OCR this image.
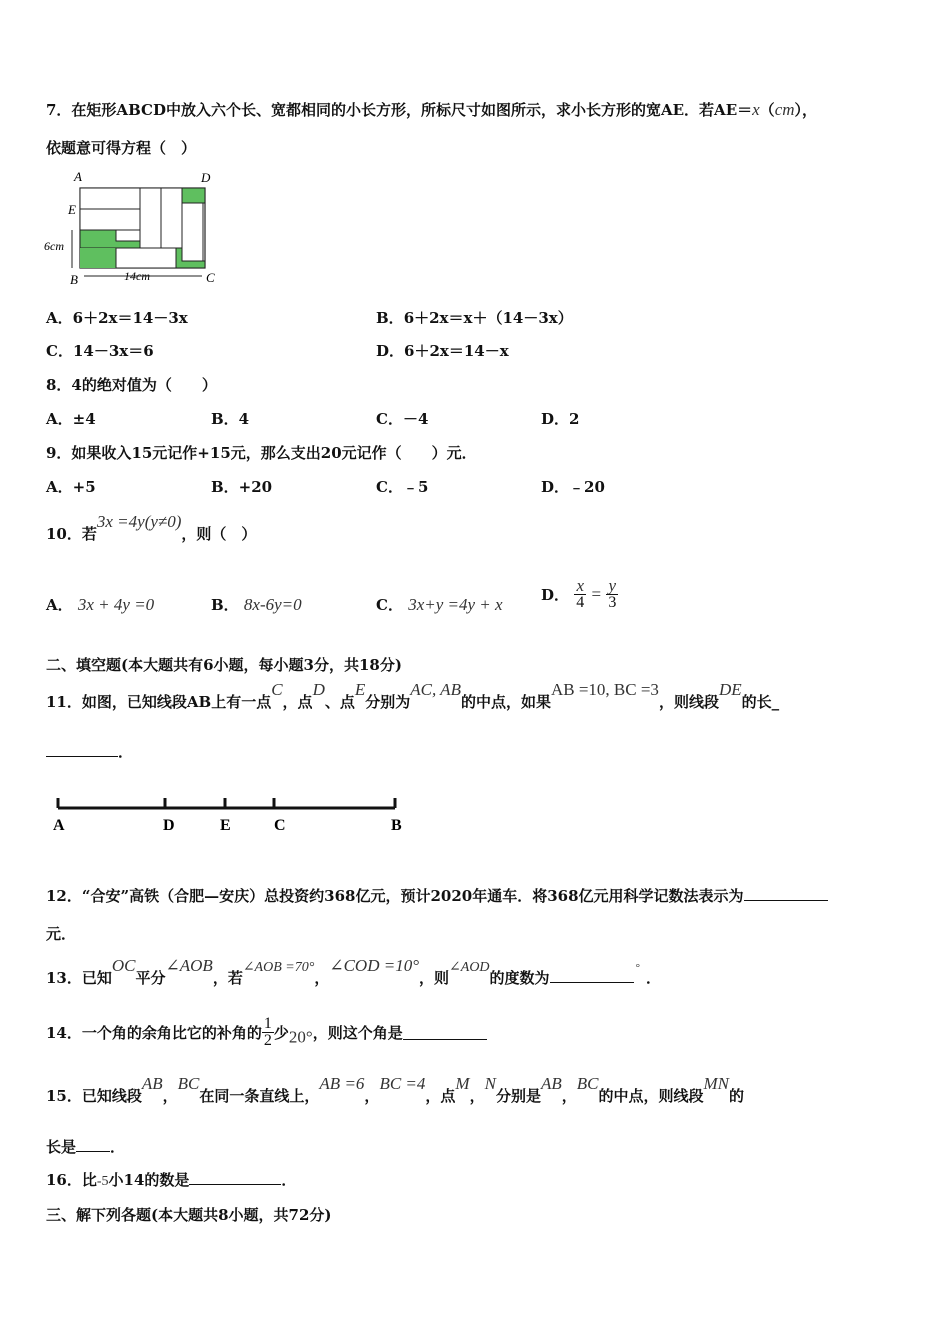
7．在矩形ABCD中放入六个长、宽都相同的小长方形，所标尺寸如图所示，求小长方形的宽AE．若AE＝x（cm），
依题意可得方程（　）
A	D
E
B	C
6cm
14cm
A．6＋2x＝14－3x	B．6＋2x＝x＋（14－3x）
C．14－3x＝6	D．6＋2x＝14－x
8．4的绝对值为（　　）
A．±4	B．4	C．－4	D．2
9．如果收入15元记作+15元，那么支出20元记作（　　）元．
A．+5	B．+20	C．﹣5	D．﹣20
10．若3x =4y(y≠0)，则（　）
A． 3x + 4y =0	B． 8x-6y=0	C． 3x+y =4y + x	D． $\frac{x}{4} = \frac{y}{3}$
二、填空题(本大题共有6小题，每小题3分，共18分)
11．如图，已知线段AB上有一点C，点D、点E分别为AC, AB的中点，如果AB =10, BC =3，则线段DE的长_
．
A	D	E	C	B
12．“合安”高铁（合肥—安庆）总投资约368亿元，预计2020年通车．将368亿元用科学记数法表示为
元．
13．已知OC平分∠AOB，若∠AOB =70°，∠COD =10°，则∠AOD的度数为°．
14．一个角的余角比它的补角的 $\frac{1}{2}$ 少20°，则这个角是
15．已知线段AB，BC在同一条直线上，AB =6，BC =4，点M，N分别是AB，BC的中点，则线段MN的
长是 ．
16．比-5小14的数是	．
三、解下列各题(本大题共8小题，共72分)
